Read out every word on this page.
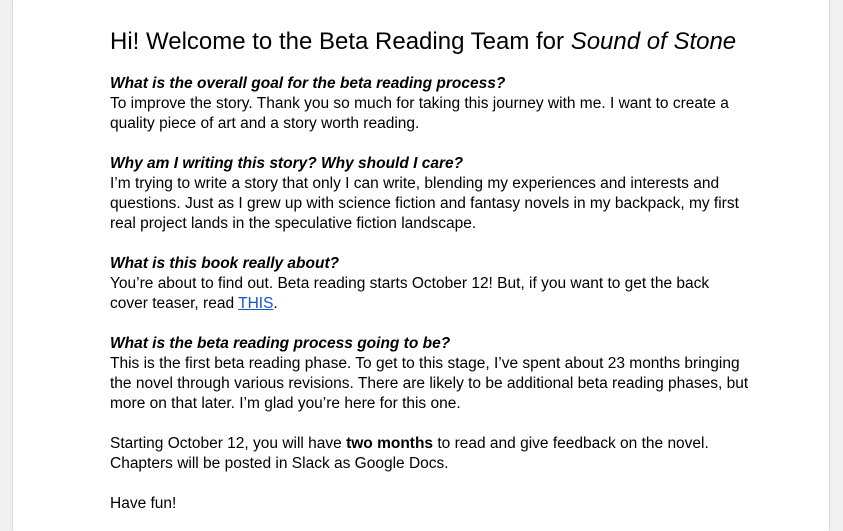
Hi! Welcome to the Beta Reading Team for Sound of Stone

What is the overall goal for the beta reading process?

To improve the story. Thank you so much for taking this journey with me. I want to create a quality piece of art and a story worth reading.

Why am I writing this story? Why should I care?

I’m trying to write a story that only I can write, blending my experiences and interests and questions. Just as I grew up with science fiction and fantasy novels in my backpack, my first real project lands in the speculative fiction landscape.

What is this book really about?

You’re about to find out. Beta reading starts October 12! But, if you want to get the back cover teaser, read THIS.

What is the beta reading process going to be?

This is the first beta reading phase. To get to this stage, I’ve spent about 23 months bringing the novel through various revisions. There are likely to be additional beta reading phases, but more on that later. I’m glad you’re here for this one.

Starting October 12, you will have two months to read and give feedback on the novel. Chapters will be posted in Slack as Google Docs.

Have fun!
